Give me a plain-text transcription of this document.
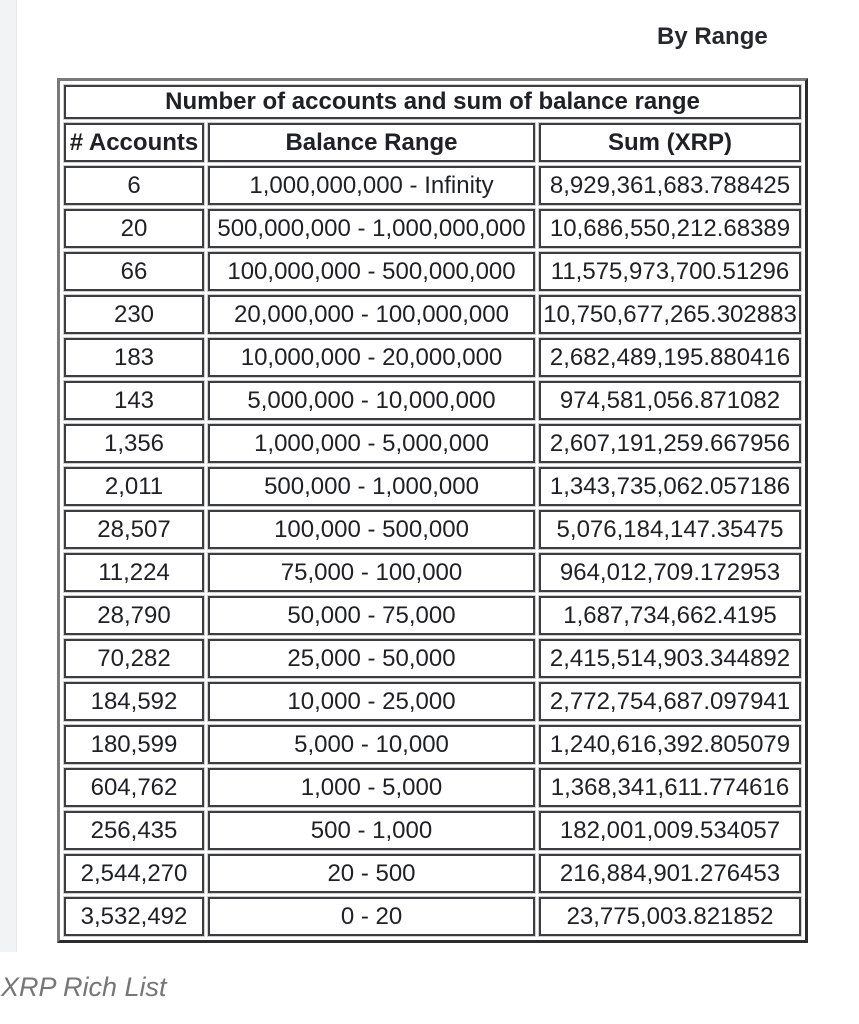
By Range
Number of accounts and sum of balance range		
# Accounts	Balance Range	Sum (XRP)
6	1,000,000,000 - Infinity	8,929,361,683.788425
20	500,000,000 - 1,000,000,000	10,686,550,212.68389
66	100,000,000 - 500,000,000	11,575,973,700.51296
230	20,000,000 - 100,000,000	10,750,677,265.302883
183	10,000,000 - 20,000,000	2,682,489,195.880416
143	5,000,000 - 10,000,000	974,581,056.871082
1,356	1,000,000 - 5,000,000	2,607,191,259.667956
2,011	500,000 - 1,000,000	1,343,735,062.057186
28,507	100,000 - 500,000	5,076,184,147.35475
11,224	75,000 - 100,000	964,012,709.172953
28,790	50,000 - 75,000	1,687,734,662.4195
70,282	25,000 - 50,000	2,415,514,903.344892
184,592	10,000 - 25,000	2,772,754,687.097941
180,599	5,000 - 10,000	1,240,616,392.805079
604,762	1,000 - 5,000	1,368,341,611.774616
256,435	500 - 1,000	182,001,009.534057
2,544,270	20 - 500	216,884,901.276453
3,532,492	0 - 20	23,775,003.821852
XRP Rich List
